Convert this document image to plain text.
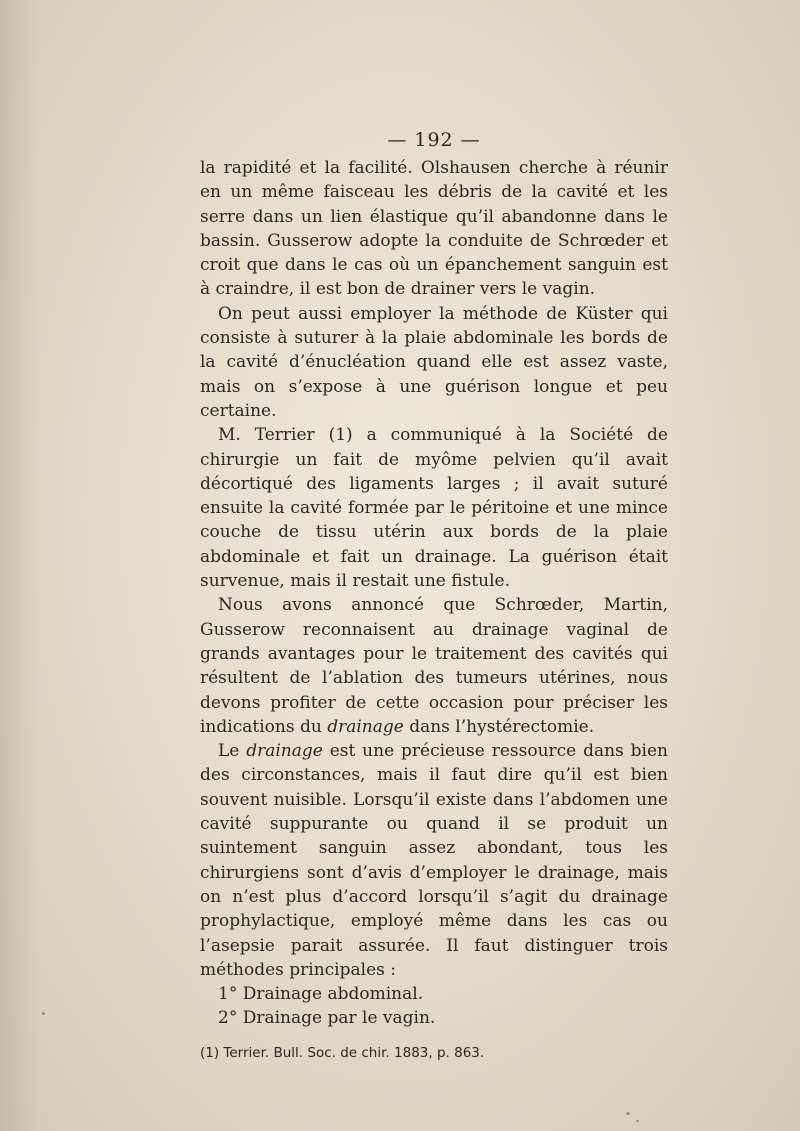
— 192 —

la rapidité et la facilité. Olshausen cherche à réunir en un même faisceau les débris de la cavité et les serre dans un lien élastique qu’il abandonne dans le bassin. Gusserow adopte la conduite de Schrœder et croit que dans le cas où un épanchement sanguin est à craindre, il est bon de drainer vers le vagin.

On peut aussi employer la méthode de Küster qui consiste à suturer à la plaie abdominale les bords de la cavité d’énucléation quand elle est assez vaste, mais on s’expose à une guérison longue et peu certaine.

M. Terrier (1) a communiqué à la Société de chirurgie un fait de myôme pelvien qu’il avait décortiqué des ligaments larges ; il avait suturé ensuite la cavité formée par le péritoine et une mince couche de tissu utérin aux bords de la plaie abdominale et fait un drainage. La guérison était survenue, mais il restait une fistule.

Nous avons annoncé que Schrœder, Martin, Gusserow reconnaisent au drainage vaginal de grands avantages pour le traitement des cavités qui résultent de l’ablation des tumeurs utérines, nous devons profiter de cette occasion pour préciser les indications du drainage dans l’hystérectomie.

Le drainage est une précieuse ressource dans bien des circonstances, mais il faut dire qu’il est bien souvent nuisible. Lorsqu’il existe dans l’abdomen une cavité suppurante ou quand il se produit un suintement sanguin assez abondant, tous les chirurgiens sont d’avis d’employer le drainage, mais on n’est plus d’accord lorsqu’il s’agit du drainage prophylactique, employé même dans les cas ou l’asepsie parait assurée. Il faut distinguer trois méthodes principales :

1° Drainage abdominal.

2° Drainage par le vagin.

(1) Terrier. Bull. Soc. de chir. 1883, p. 863.
